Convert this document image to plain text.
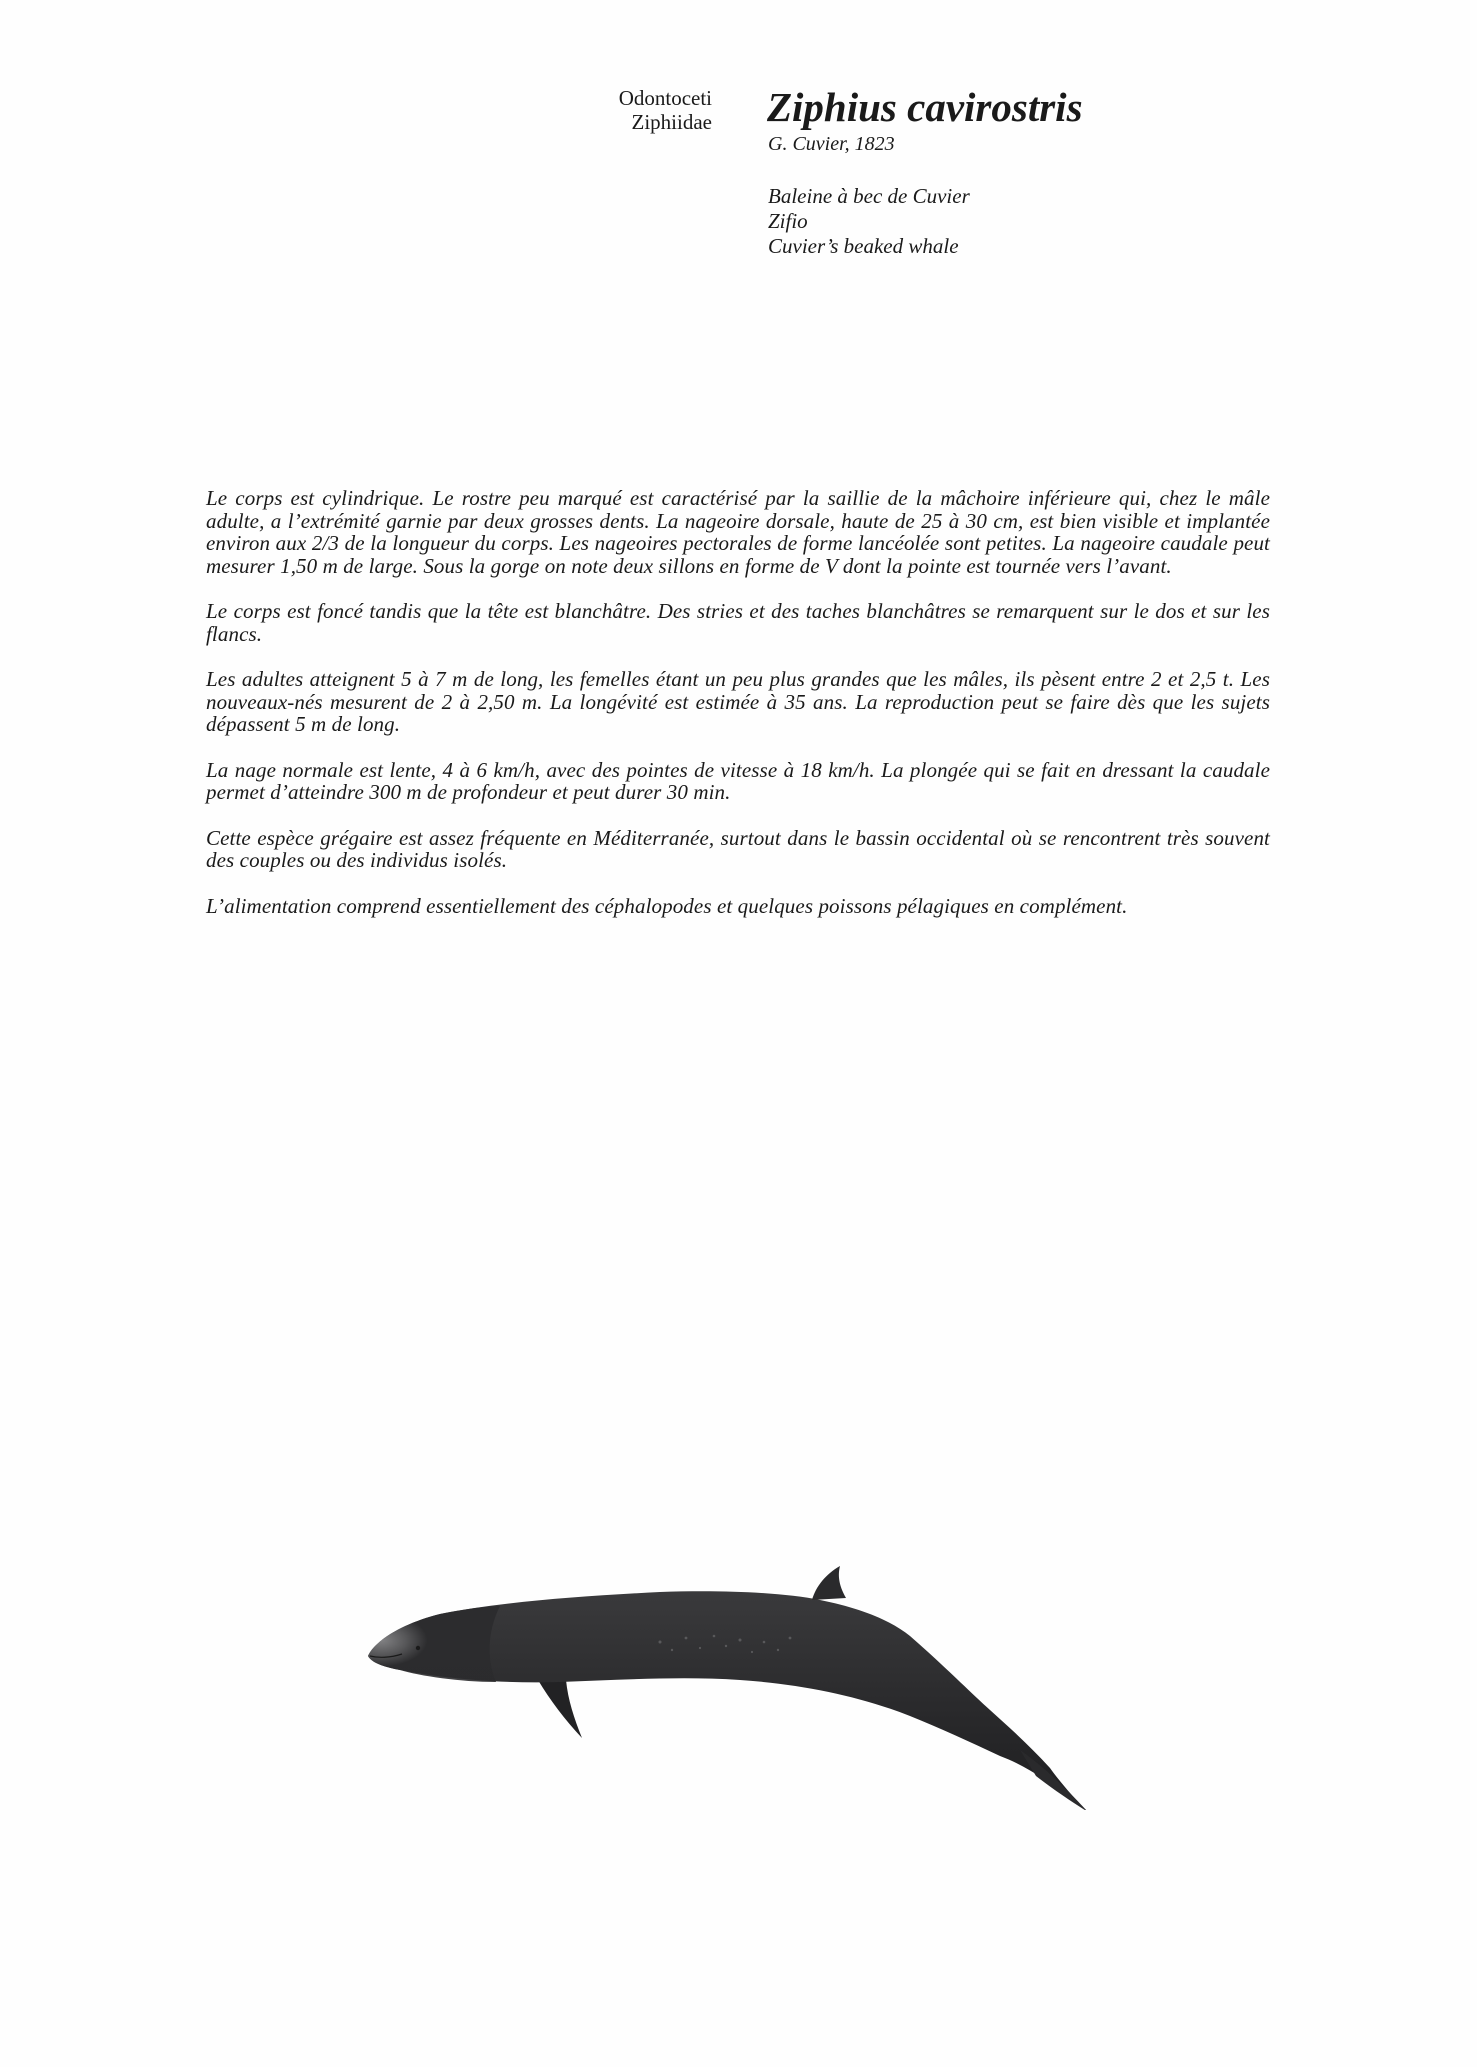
Odontoceti
Ziphiidae Ziphius cavirostris
G. Cuvier, 1823
Baleine à bec de Cuvier
Zifio
Cuvier’s beaked whale

Le corps est cylindrique. Le rostre peu marqué est caractérisé par la saillie de la mâchoire inférieure qui, chez le mâle adulte, a l’extrémité garnie par deux grosses dents. La nageoire dorsale, haute de 25 à 30 cm, est bien visible et implantée environ aux 2/3 de la longueur du corps. Les nageoires pectorales de forme lancéolée sont petites. La nageoire caudale peut mesurer 1,50 m de large. Sous la gorge on note deux sillons en forme de V dont la pointe est tournée vers l’avant.

Le corps est foncé tandis que la tête est blanchâtre. Des stries et des taches blanchâtres se remarquent sur le dos et sur les flancs.

Les adultes atteignent 5 à 7 m de long, les femelles étant un peu plus grandes que les mâles, ils pèsent entre 2 et 2,5 t. Les nouveaux-nés mesurent de 2 à 2,50 m. La longévité est estimée à 35 ans. La reproduction peut se faire dès que les sujets dépassent 5 m de long.

La nage normale est lente, 4 à 6 km/h, avec des pointes de vitesse à 18 km/h. La plongée qui se fait en dressant la caudale permet d’atteindre 300 m de profondeur et peut durer 30 min.

Cette espèce grégaire est assez fréquente en Méditerranée, surtout dans le bassin occidental où se rencontrent très souvent des couples ou des individus isolés.

L’alimentation comprend essentiellement des céphalopodes et quelques poissons pélagiques en complément.
